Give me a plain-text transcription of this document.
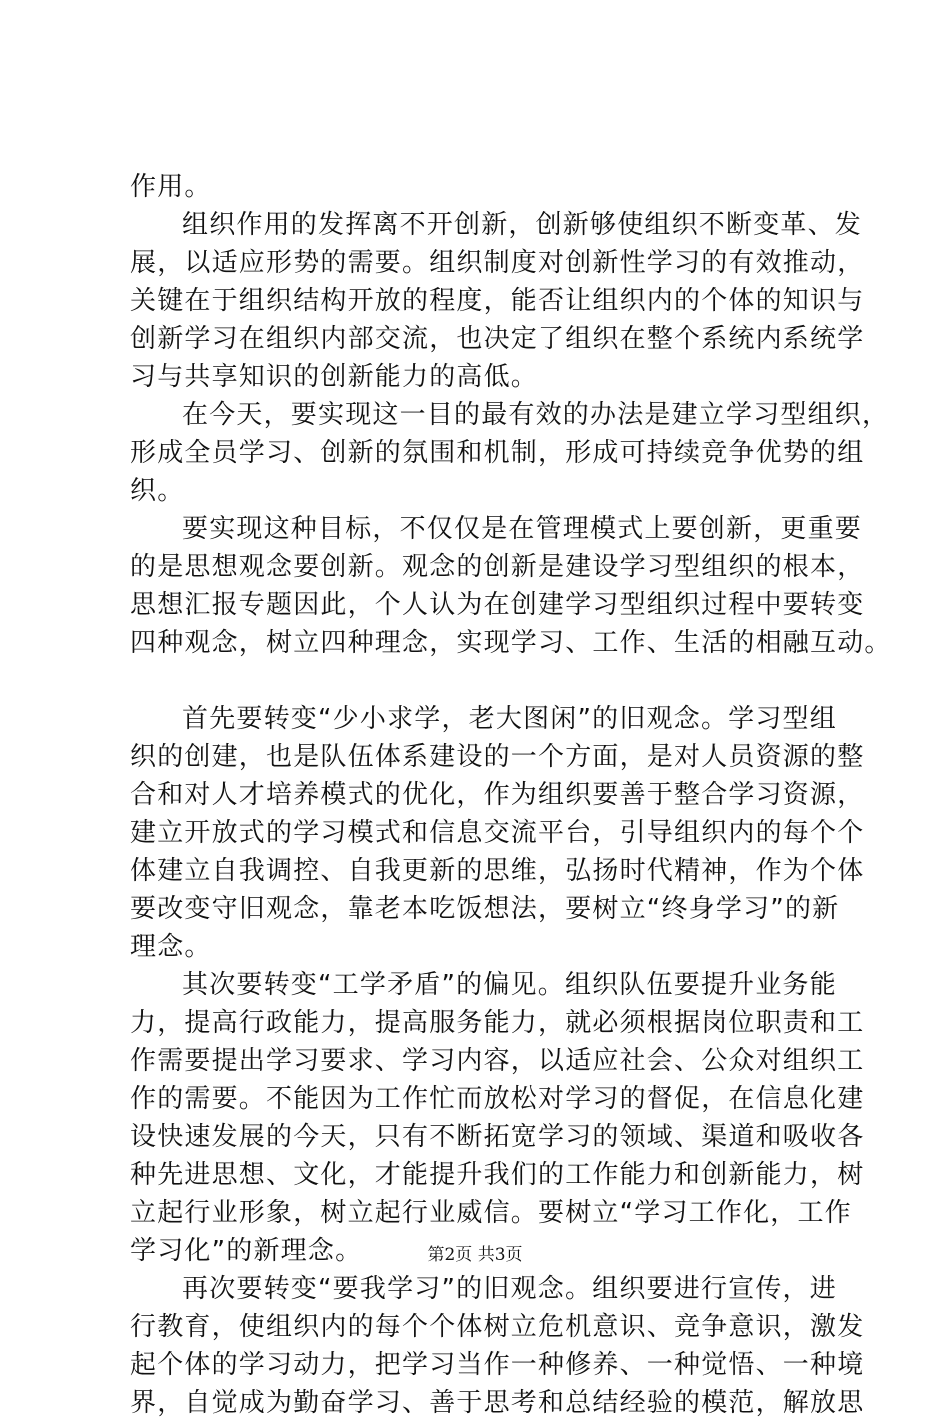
作用。
组织作用的发挥离不开创新，创新够使组织不断变革、发
展，以适应形势的需要。组织制度对创新性学习的有效推动，
关键在于组织结构开放的程度，能否让组织内的个体的知识与
创新学习在组织内部交流，也决定了组织在整个系统内系统学
习与共享知识的创新能力的高低。
在今天，要实现这一目的最有效的办法是建立学习型组织，
形成全员学习、创新的氛围和机制，形成可持续竞争优势的组
织。
要实现这种目标，不仅仅是在管理模式上要创新，更重要
的是思想观念要创新。观念的创新是建设学习型组织的根本，
思想汇报专题因此，个人认为在创建学习型组织过程中要转变
四种观念，树立四种理念，实现学习、工作、生活的相融互动。
首先要转变“少小求学，老大图闲”的旧观念。学习型组
织的创建，也是队伍体系建设的一个方面，是对人员资源的整
合和对人才培养模式的优化，作为组织要善于整合学习资源，
建立开放式的学习模式和信息交流平台，引导组织内的每个个
体建立自我调控、自我更新的思维，弘扬时代精神，作为个体
要改变守旧观念，靠老本吃饭想法，要树立“终身学习”的新
理念。
其次要转变“工学矛盾”的偏见。组织队伍要提升业务能
力，提高行政能力，提高服务能力，就必须根据岗位职责和工
作需要提出学习要求、学习内容，以适应社会、公众对组织工
作的需要。不能因为工作忙而放松对学习的督促，在信息化建
设快速发展的今天，只有不断拓宽学习的领域、渠道和吸收各
种先进思想、文化，才能提升我们的工作能力和创新能力，树
立起行业形象，树立起行业威信。要树立“学习工作化，工作
学习化”的新理念。
再次要转变“要我学习”的旧观念。组织要进行宣传，进
行教育，使组织内的每个个体树立危机意识、竞争意识，激发
起个体的学习动力，把学习当作一种修养、一种觉悟、一种境
界，自觉成为勤奋学习、善于思考和总结经验的模范，解放思
第2页 共3页
